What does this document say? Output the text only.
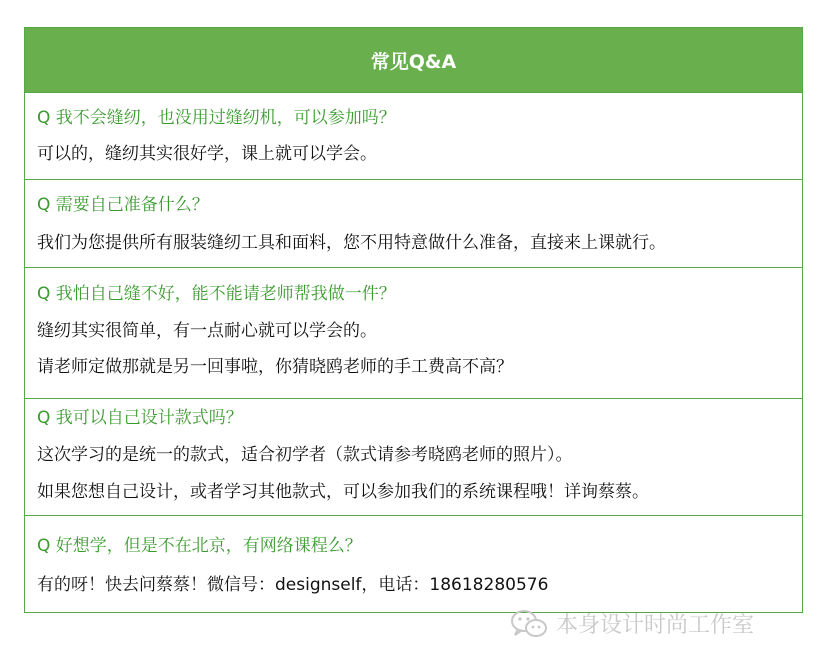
常见Q&A
Q 我不会缝纫，也没用过缝纫机，可以参加吗？
可以的，缝纫其实很好学，课上就可以学会。
Q 需要自己准备什么？
我们为您提供所有服装缝纫工具和面料，您不用特意做什么准备，直接来上课就行。
Q 我怕自己缝不好，能不能请老师帮我做一件？
缝纫其实很简单，有一点耐心就可以学会的。
请老师定做那就是另一回事啦，你猜晓鸥老师的手工费高不高？
Q 我可以自己设计款式吗？
这次学习的是统一的款式，适合初学者（款式请参考晓鸥老师的照片）。
如果您想自己设计，或者学习其他款式，可以参加我们的系统课程哦！详询蔡蔡。
Q 好想学，但是不在北京，有网络课程么？
有的呀！快去问蔡蔡！微信号：designself，电话：18618280576
本身设计时尚工作室
